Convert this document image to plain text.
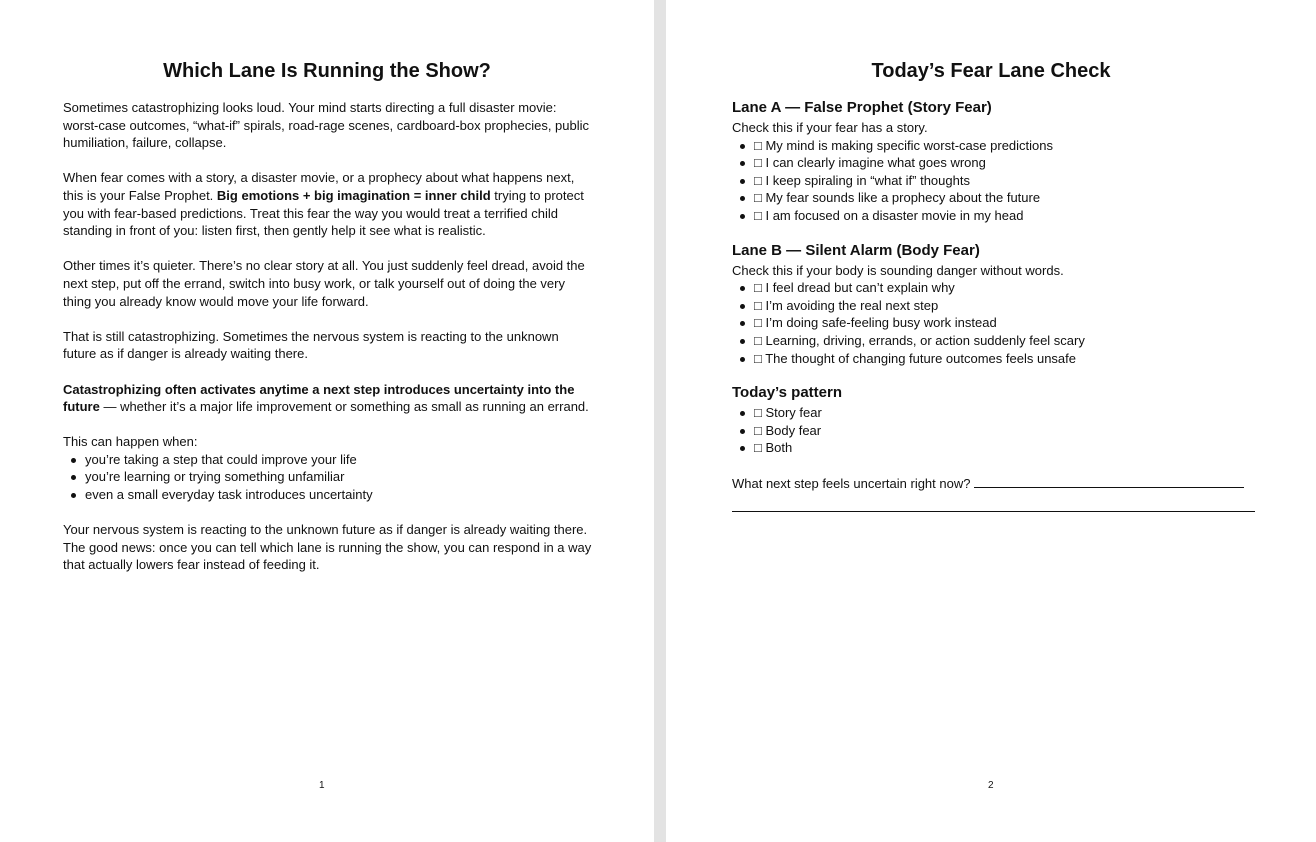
Which Lane Is Running the Show?

Sometimes catastrophizing looks loud. Your mind starts directing a full disaster movie: worst-case outcomes, “what-if” spirals, road-rage scenes, cardboard-box prophecies, public humiliation, failure, collapse.

When fear comes with a story, a disaster movie, or a prophecy about what happens next, this is your False Prophet. Big emotions + big imagination = inner child trying to protect you with fear-based predictions. Treat this fear the way you would treat a terrified child standing in front of you: listen first, then gently help it see what is realistic.

Other times it’s quieter. There’s no clear story at all. You just suddenly feel dread, avoid the next step, put off the errand, switch into busy work, or talk yourself out of doing the very thing you already know would move your life forward.

That is still catastrophizing. Sometimes the nervous system is reacting to the unknown future as if danger is already waiting there.

Catastrophizing often activates anytime a next step introduces uncertainty into the future — whether it’s a major life improvement or something as small as running an errand.

This can happen when:
you’re taking a step that could improve your life
you’re learning or trying something unfamiliar
even a small everyday task introduces uncertainty

Your nervous system is reacting to the unknown future as if danger is already waiting there. The good news: once you can tell which lane is running the show, you can respond in a way that actually lowers fear instead of feeding it.

1
Today’s Fear Lane Check
Lane A — False Prophet (Story Fear)
Check this if your fear has a story.
□ My mind is making specific worst-case predictions
□ I can clearly imagine what goes wrong
□ I keep spiraling in “what if” thoughts
□ My fear sounds like a prophecy about the future
□ I am focused on a disaster movie in my head
Lane B — Silent Alarm (Body Fear)
Check this if your body is sounding danger without words.
□ I feel dread but can’t explain why
□ I’m avoiding the real next step
□ I’m doing safe-feeling busy work instead
□ Learning, driving, errands, or action suddenly feel scary
□ The thought of changing future outcomes feels unsafe
Today’s pattern
□ Story fear
□ Body fear
□ Both
What next step feels uncertain right now?
2
